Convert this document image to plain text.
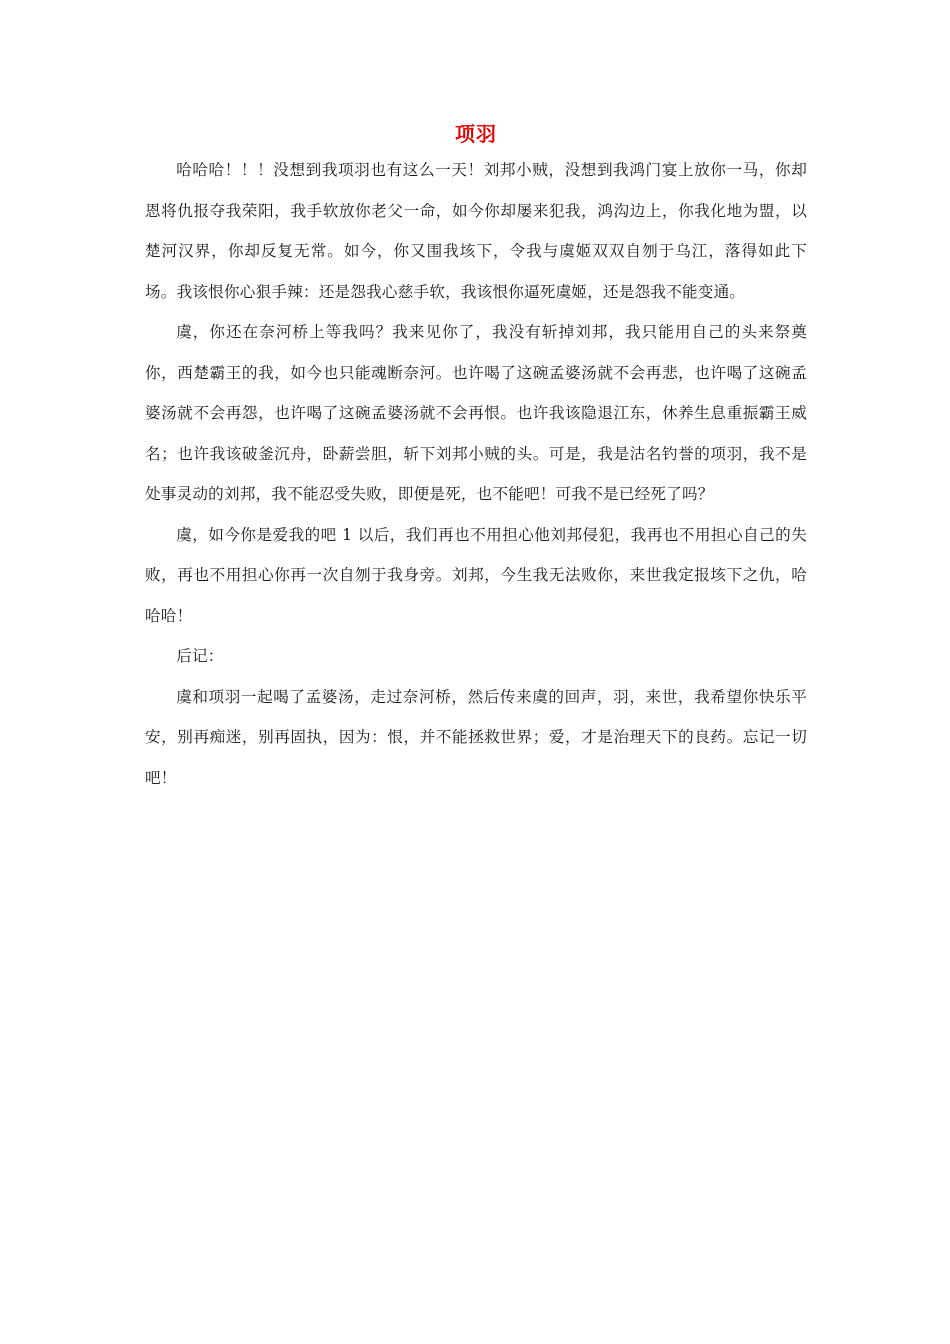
项羽

哈哈哈！！！没想到我项羽也有这么一天！刘邦小贼，没想到我鸿门宴上放你一马，你却恩将仇报夺我荣阳，我手软放你老父一命，如今你却屡来犯我，鸿沟边上，你我化地为盟，以楚河汉界，你却反复无常。如今，你又围我垓下，令我与虞姬双双自刎于乌江，落得如此下场。我该恨你心狠手辣：还是怨我心慈手软，我该恨你逼死虞姬，还是怨我不能变通。

虞，你还在奈河桥上等我吗？我来见你了，我没有斩掉刘邦，我只能用自己的头来祭奠你，西楚霸王的我，如今也只能魂断奈河。也许喝了这碗孟婆汤就不会再悲，也许喝了这碗孟婆汤就不会再怨，也许喝了这碗孟婆汤就不会再恨。也许我该隐退江东，休养生息重振霸王威名；也许我该破釜沉舟，卧薪尝胆，斩下刘邦小贼的头。可是，我是沽名钓誉的项羽，我不是处事灵动的刘邦，我不能忍受失败，即便是死，也不能吧！可我不是已经死了吗？

虞，如今你是爱我的吧 1 以后，我们再也不用担心他刘邦侵犯，我再也不用担心自己的失败，再也不用担心你再一次自刎于我身旁。刘邦，今生我无法败你，来世我定报垓下之仇，哈哈哈！

后记：

虞和项羽一起喝了孟婆汤，走过奈河桥，然后传来虞的回声，羽，来世，我希望你快乐平安，别再痴迷，别再固执，因为：恨，并不能拯救世界；爱，才是治理天下的良药。忘记一切吧！
